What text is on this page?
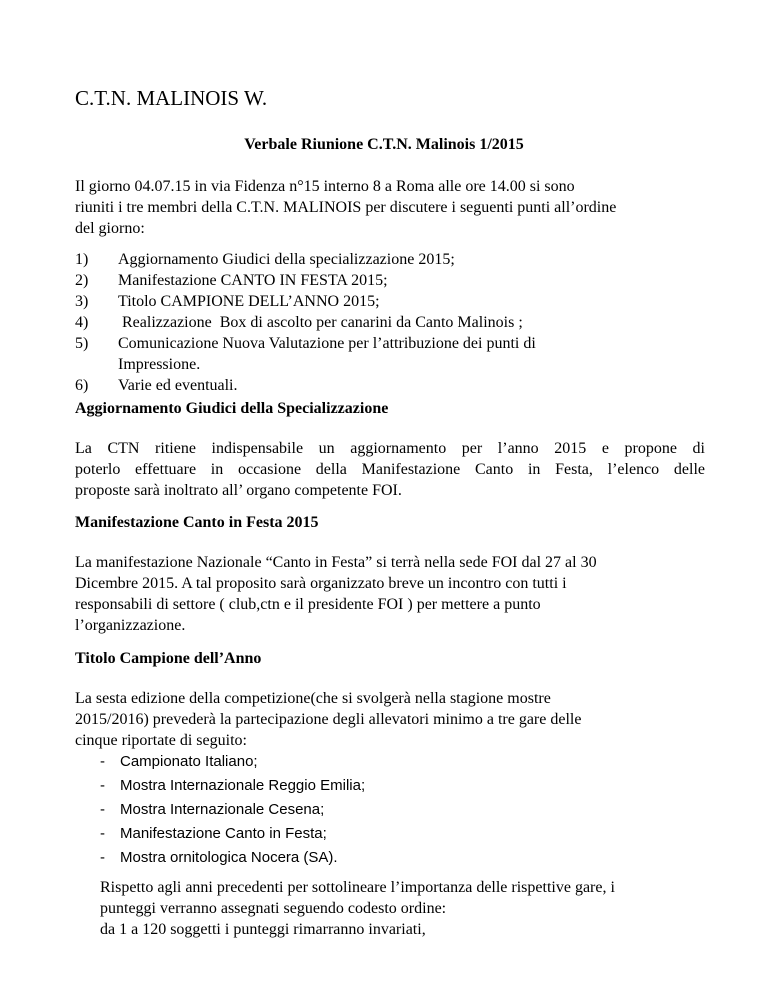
C.T.N. MALINOIS W.
Verbale Riunione C.T.N. Malinois 1/2015
Il giorno 04.07.15 in via Fidenza n°15 interno 8 a Roma alle ore 14.00 si sono
riuniti i tre membri della C.T.N. MALINOIS per discutere i seguenti punti all’ordine
del giorno:
1) Aggiornamento Giudici della specializzazione 2015;
2) Manifestazione CANTO IN FESTA 2015;
3) Titolo CAMPIONE DELL’ANNO 2015;
4) Realizzazione  Box di ascolto per canarini da Canto Malinois ;
5) Comunicazione Nuova Valutazione per l’attribuzione dei punti di
Impressione.
6) Varie ed eventuali.
Aggiornamento Giudici della Specializzazione
La CTN ritiene indispensabile un aggiornamento per l’anno 2015 e propone di
poterlo effettuare in occasione della Manifestazione Canto in Festa, l’elenco delle
proposte sarà inoltrato all’ organo competente FOI.
Manifestazione Canto in Festa 2015
La manifestazione Nazionale “Canto in Festa” si terrà nella sede FOI dal 27 al 30
Dicembre 2015. A tal proposito sarà organizzato breve un incontro con tutti i
responsabili di settore ( club,ctn e il presidente FOI ) per mettere a punto
l’organizzazione.
Titolo Campione dell’Anno
La sesta edizione della competizione(che si svolgerà nella stagione mostre
2015/2016) prevederà la partecipazione degli allevatori minimo a tre gare delle
cinque riportate di seguito:
- Campionato Italiano;
- Mostra Internazionale Reggio Emilia;
- Mostra Internazionale Cesena;
- Manifestazione Canto in Festa;
- Mostra ornitologica Nocera (SA).
Rispetto agli anni precedenti per sottolineare l’importanza delle rispettive gare, i
punteggi verranno assegnati seguendo codesto ordine:
da 1 a 120 soggetti i punteggi rimarranno invariati,
